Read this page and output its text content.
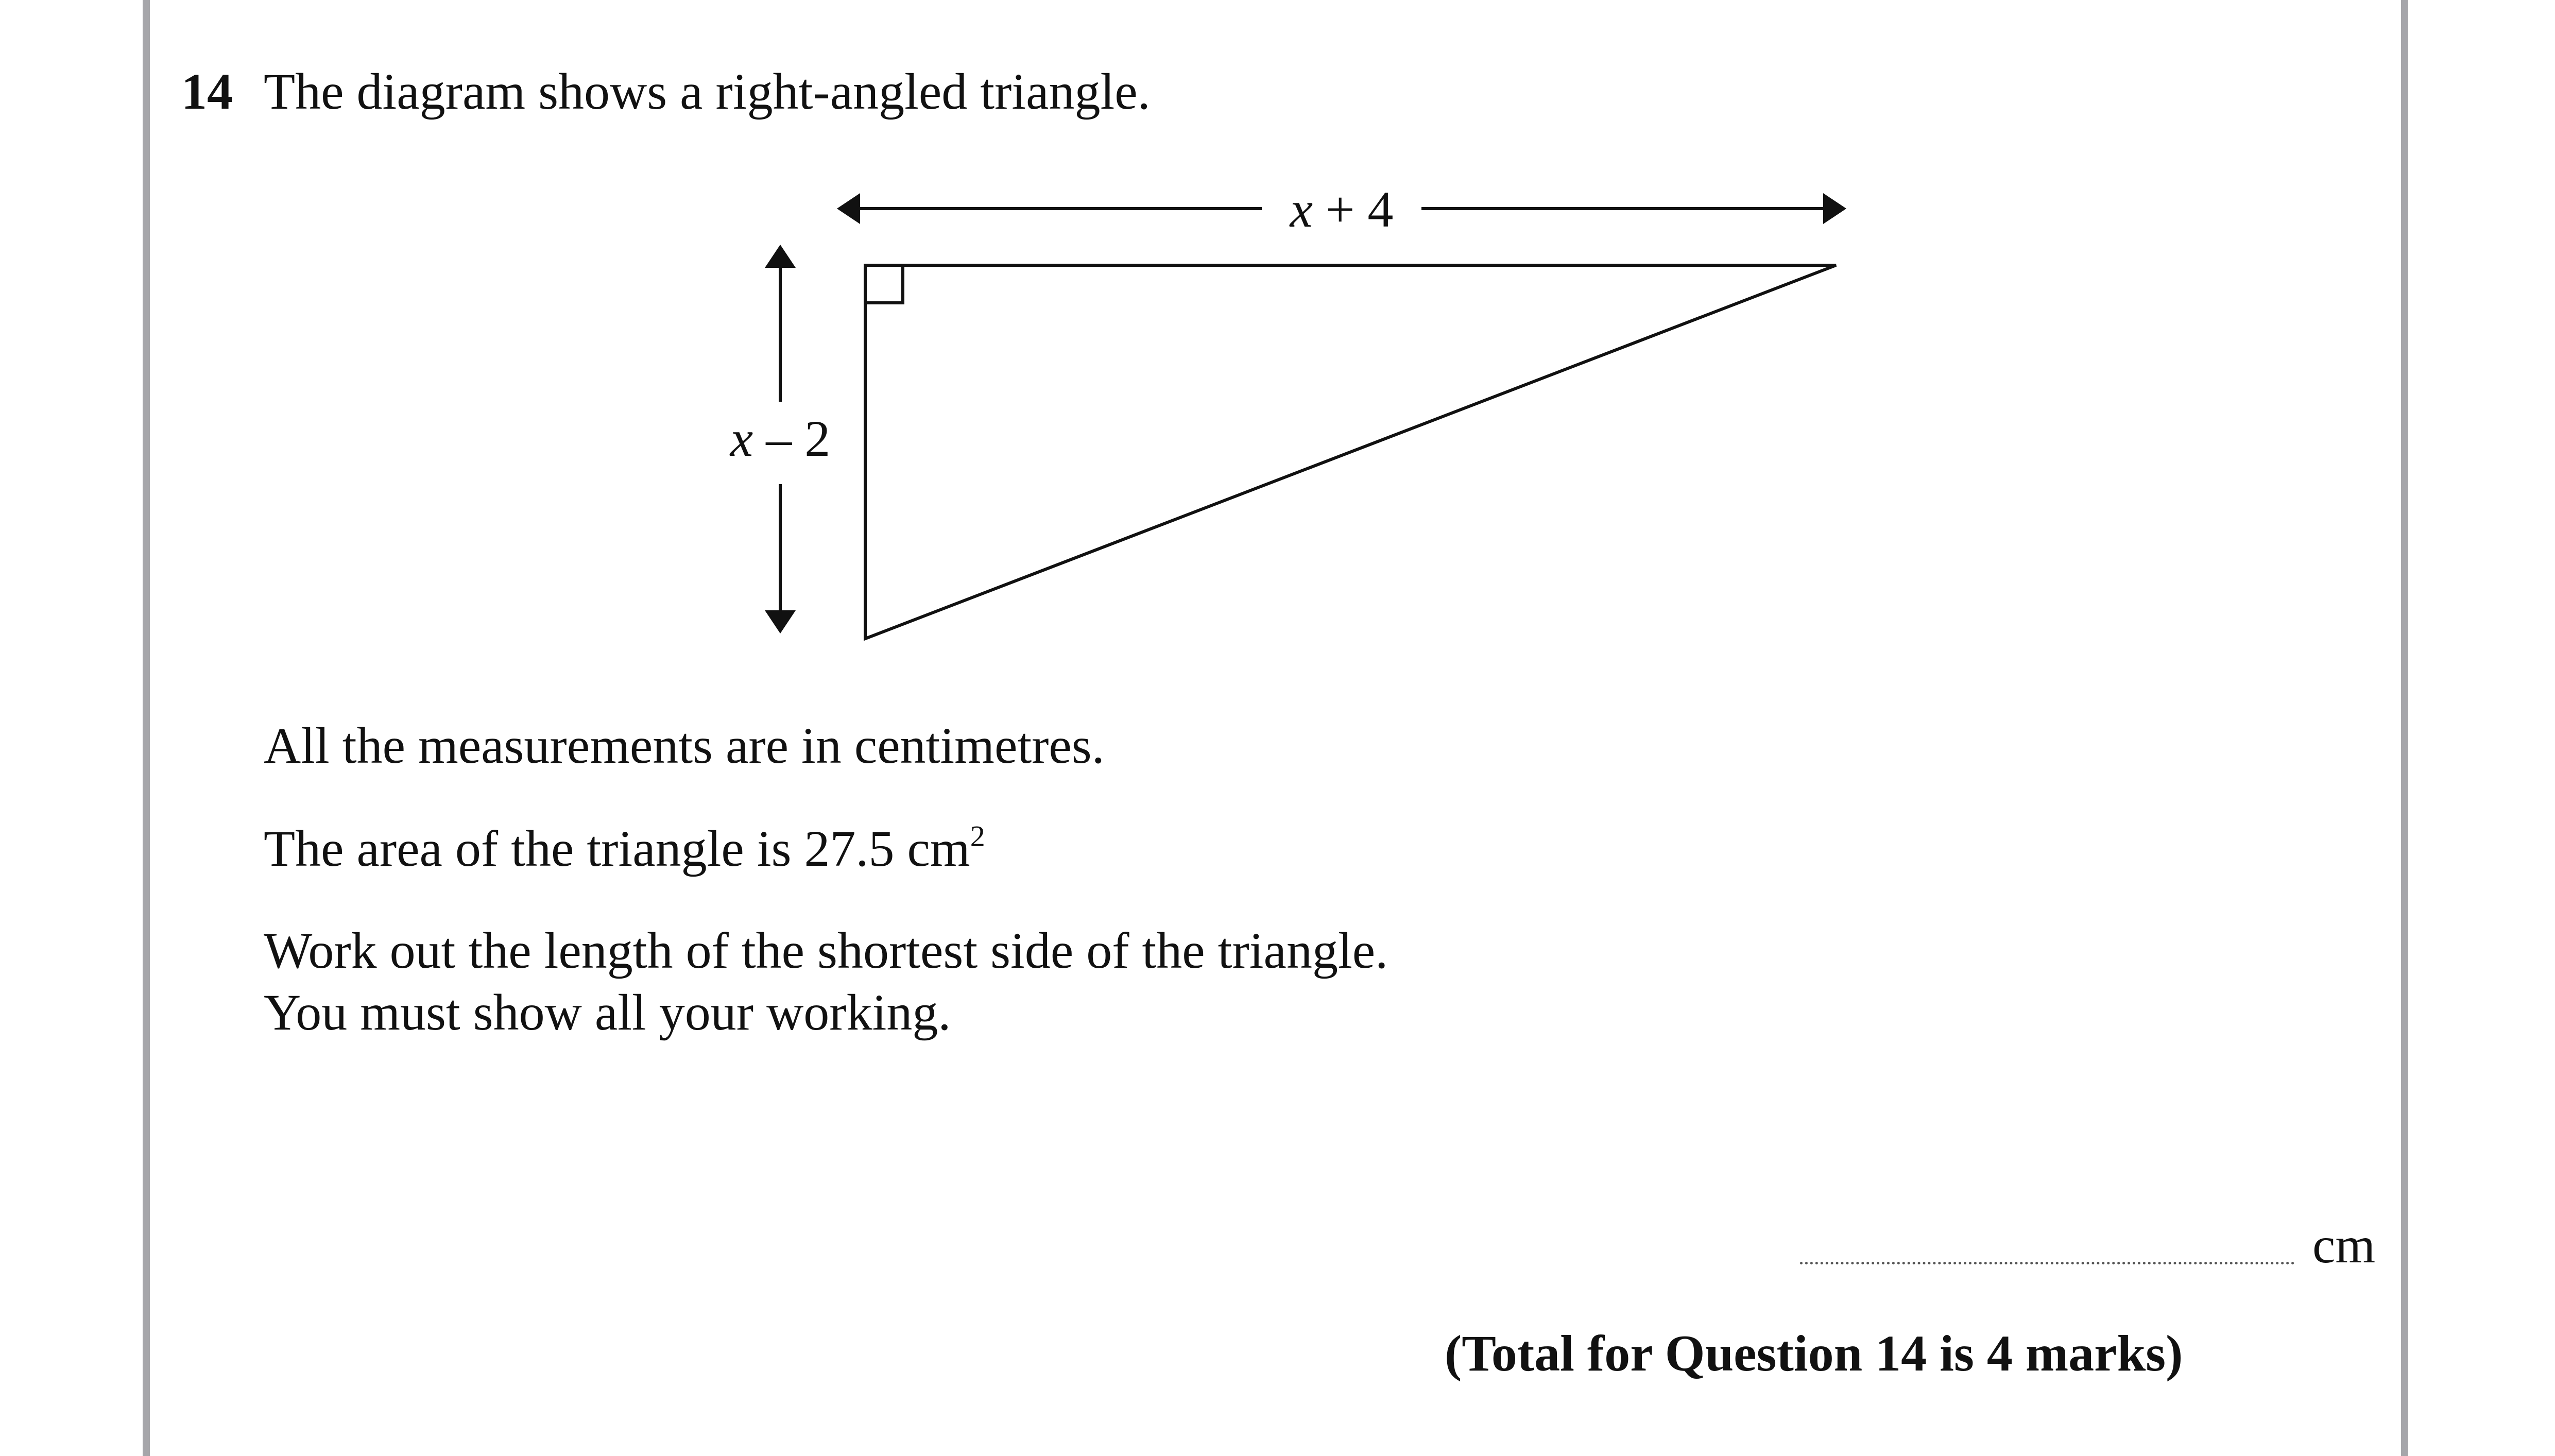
14 The diagram shows a right-angled triangle.
x + 4
x – 2
All the measurements are in centimetres.
The area of the triangle is 27.5 $cm^2$
Work out the length of the shortest side of the triangle.
You must show all your working.
cm
(Total for Question 14 is 4 marks)
